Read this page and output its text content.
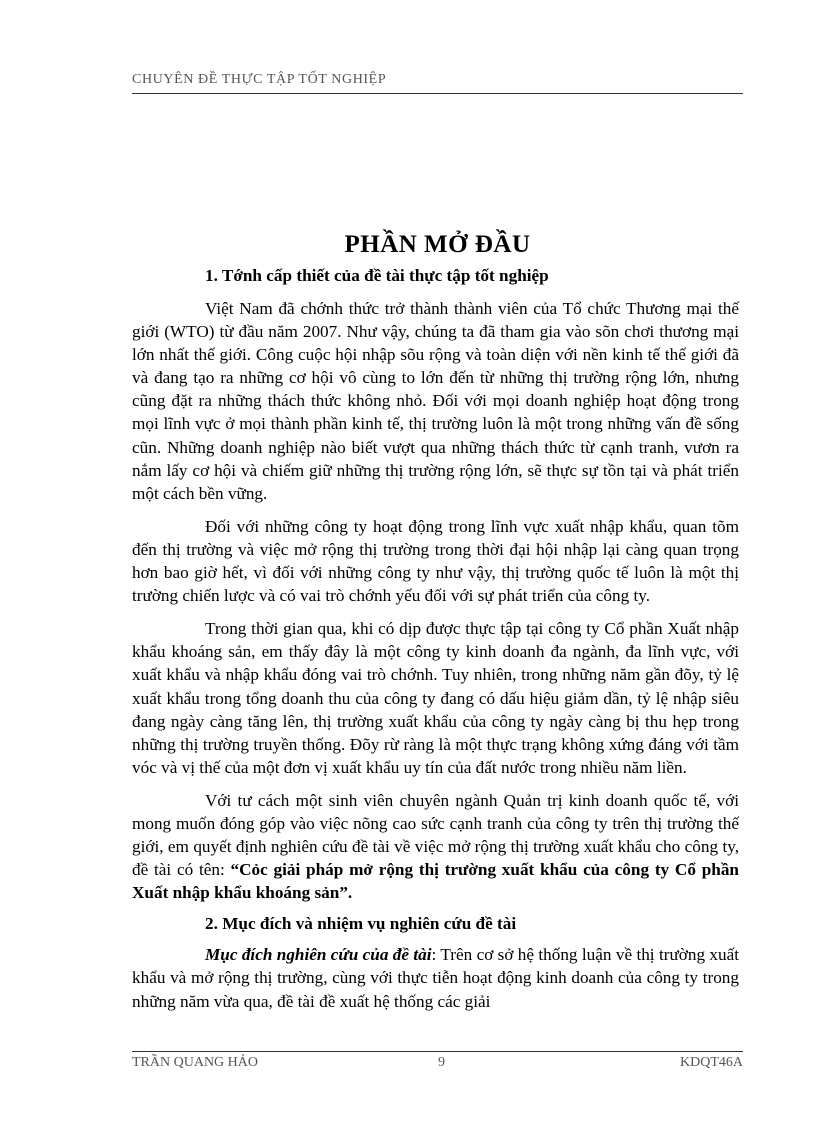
CHUYÊN ĐỀ THỰC TẬP TỐT NGHIỆP
PHẦN MỞ ĐẦU
1. Tớnh cấp thiết của đề tài thực tập tốt nghiệp

Việt Nam đã chớnh thức trở thành thành viên của Tổ chức Thương mại thế giới (WTO) từ đầu năm 2007. Như vậy, chúng ta đã tham gia vào sõn chơi thương mại lớn nhất thế giới. Công cuộc hội nhập sõu rộng và toàn diện với nền kinh tế thế giới đã và đang tạo ra những cơ hội vô cùng to lớn đến từ những thị trường rộng lớn, nhưng cũng đặt ra những thách thức không nhỏ. Đối với mọi doanh nghiệp hoạt động trong mọi lĩnh vực ở mọi thành phần kinh tế, thị trường luôn là một trong những vấn đề sống cũn. Những doanh nghiệp nào biết vượt qua những thách thức từ cạnh tranh, vươn ra nắm lấy cơ hội và chiếm giữ những thị trường rộng lớn, sẽ thực sự tồn tại và phát triển một cách bền vững.

Đối với những công ty hoạt động trong lĩnh vực xuất nhập khẩu, quan tõm đến thị trường và việc mở rộng thị trường trong thời đại hội nhập lại càng quan trọng hơn bao giờ hết, vì đối với những công ty như vậy, thị trường quốc tế luôn là một thị trường chiến lược và có vai trò chớnh yếu đối với sự phát triển của công ty.

Trong thời gian qua, khi có dịp được thực tập tại công ty Cổ phần Xuất nhập khẩu khoáng sản, em thấy đây là một công ty kinh doanh đa ngành, đa lĩnh vực, với xuất khẩu và nhập khẩu đóng vai trò chớnh. Tuy nhiên, trong những năm gần đõy, tỷ lệ xuất khẩu trong tổng doanh thu của công ty đang có dấu hiệu giảm dần, tỷ lệ nhập siêu đang ngày càng tăng lên, thị trường xuất khẩu của công ty ngày càng bị thu hẹp trong những thị trường truyền thống. Đõy rừ ràng là một thực trạng không xứng đáng với tầm vóc và vị thế của một đơn vị xuất khẩu uy tín của đất nước trong nhiều năm liền.

Với tư cách một sinh viên chuyên ngành Quản trị kinh doanh quốc tế, với mong muốn đóng góp vào việc nõng cao sức cạnh tranh của công ty trên thị trường thế giới, em quyết định nghiên cứu đề tài về việc mở rộng thị trường xuất khẩu cho công ty, đề tài có tên: “Cỏc giải pháp mở rộng thị trường xuất khẩu của công ty Cổ phần Xuất nhập khẩu khoáng sản”.

2. Mục đích và nhiệm vụ nghiên cứu đề tài

Mục đích nghiên cứu của đề tài: Trên cơ sở hệ thống luận về thị trường xuất khẩu và mở rộng thị trường, cùng với thực tiễn hoạt động kinh doanh của công ty trong những năm vừa qua, đề tài đề xuất hệ thống các giải

TRẦN QUANG HẢO	9	KDQT46A
